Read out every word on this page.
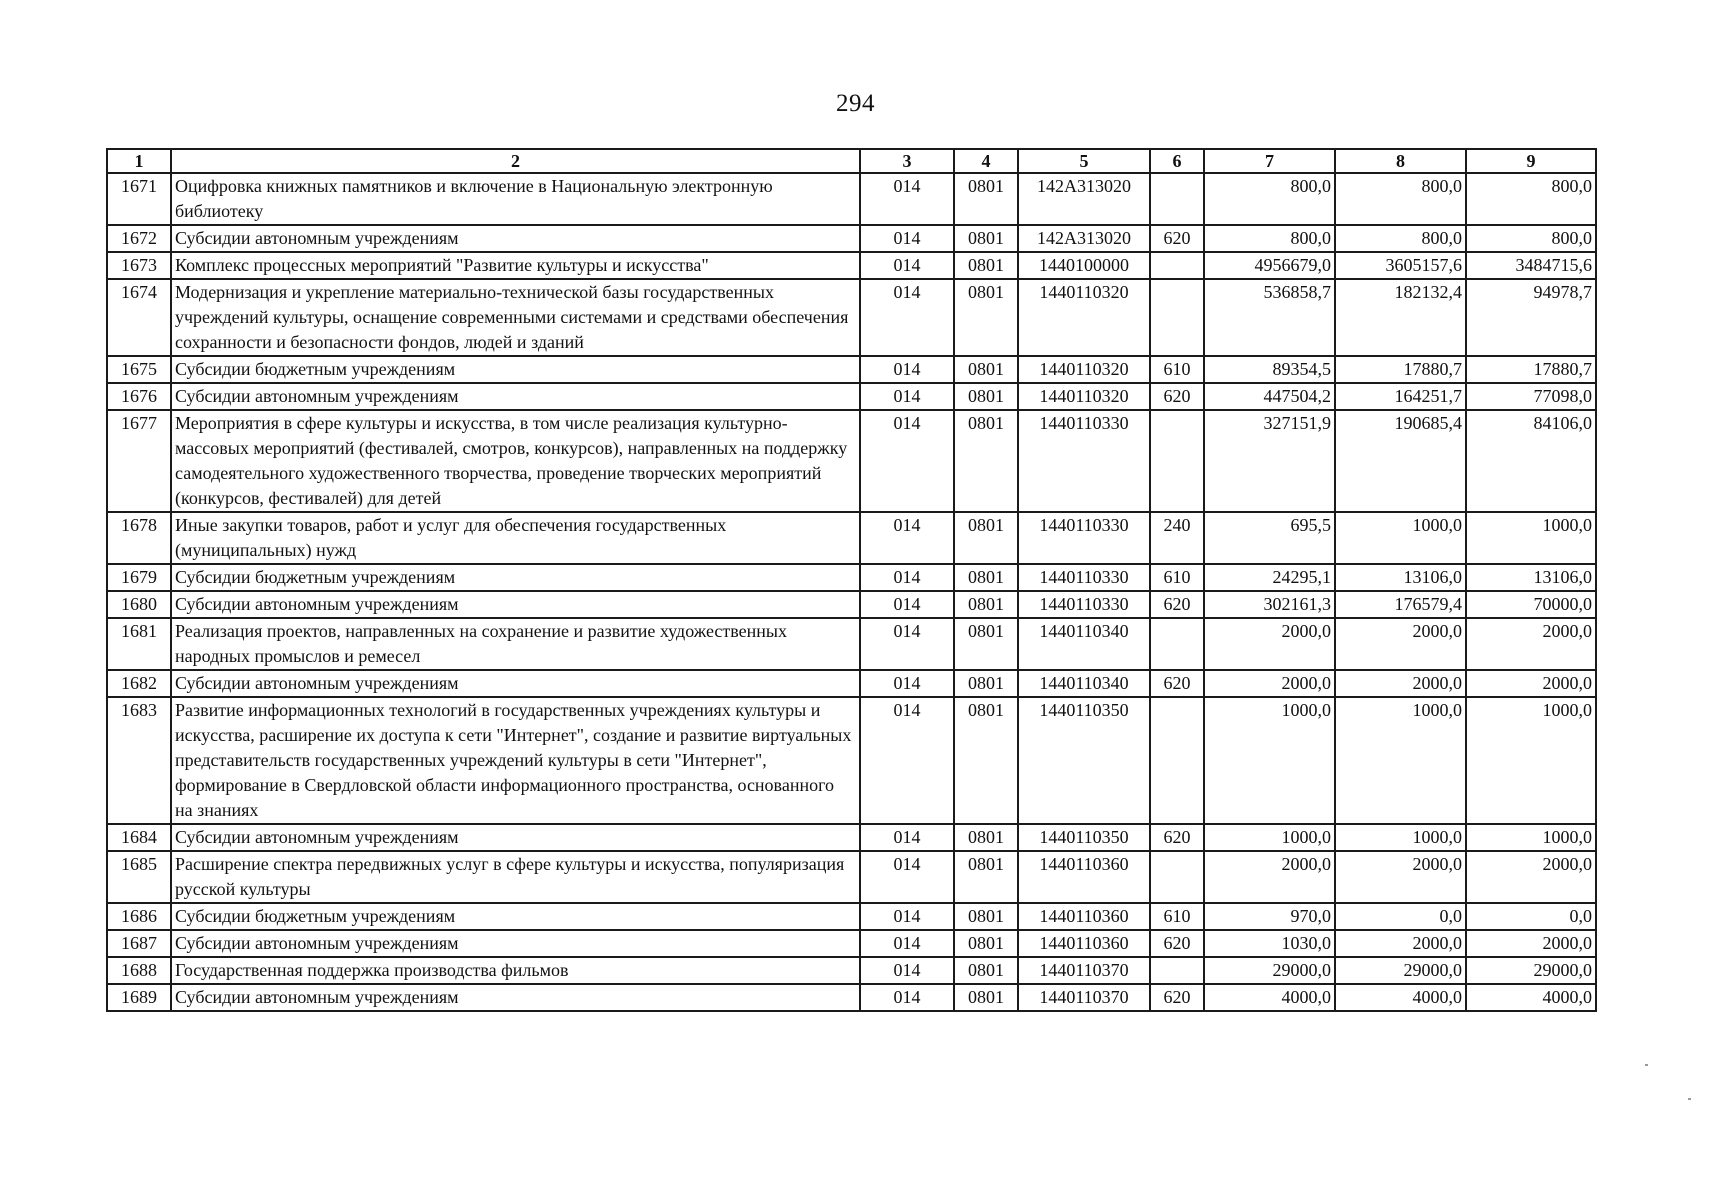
294
1	2	3	4	5	6	7	8	9
1671	Оцифровка книжных памятников и включение в Национальную электронную библиотеку	014	0801	142А313020		800,0	800,0	800,0
1672	Субсидии автономным учреждениям	014	0801	142А313020	620	800,0	800,0	800,0
1673	Комплекс процессных мероприятий "Развитие культуры и искусства"	014	0801	1440100000		4956679,0	3605157,6	3484715,6
1674	Модернизация и укрепление материально-технической базы государственных учреждений культуры, оснащение современными системами и средствами обеспечения сохранности и безопасности фондов, людей и зданий	014	0801	1440110320		536858,7	182132,4	94978,7
1675	Субсидии бюджетным учреждениям	014	0801	1440110320	610	89354,5	17880,7	17880,7
1676	Субсидии автономным учреждениям	014	0801	1440110320	620	447504,2	164251,7	77098,0
1677	Мероприятия в сфере культуры и искусства, в том числе реализация культурно-массовых мероприятий (фестивалей, смотров, конкурсов), направленных на поддержку самодеятельного художественного творчества, проведение творческих мероприятий (конкурсов, фестивалей) для детей	014	0801	1440110330		327151,9	190685,4	84106,0
1678	Иные закупки товаров, работ и услуг для обеспечения государственных (муниципальных) нужд	014	0801	1440110330	240	695,5	1000,0	1000,0
1679	Субсидии бюджетным учреждениям	014	0801	1440110330	610	24295,1	13106,0	13106,0
1680	Субсидии автономным учреждениям	014	0801	1440110330	620	302161,3	176579,4	70000,0
1681	Реализация проектов, направленных на сохранение и развитие художественных народных промыслов и ремесел	014	0801	1440110340		2000,0	2000,0	2000,0
1682	Субсидии автономным учреждениям	014	0801	1440110340	620	2000,0	2000,0	2000,0
1683	Развитие информационных технологий в государственных учреждениях культуры и искусства, расширение их доступа к сети "Интернет", создание и развитие виртуальных представительств государственных учреждений культуры в сети "Интернет", формирование в Свердловской области информационного пространства, основанного на знаниях	014	0801	1440110350		1000,0	1000,0	1000,0
1684	Субсидии автономным учреждениям	014	0801	1440110350	620	1000,0	1000,0	1000,0
1685	Расширение спектра передвижных услуг в сфере культуры и искусства, популяризация русской культуры	014	0801	1440110360		2000,0	2000,0	2000,0
1686	Субсидии бюджетным учреждениям	014	0801	1440110360	610	970,0	0,0	0,0
1687	Субсидии автономным учреждениям	014	0801	1440110360	620	1030,0	2000,0	2000,0
1688	Государственная поддержка производства фильмов	014	0801	1440110370		29000,0	29000,0	29000,0
1689	Субсидии автономным учреждениям	014	0801	1440110370	620	4000,0	4000,0	4000,0
